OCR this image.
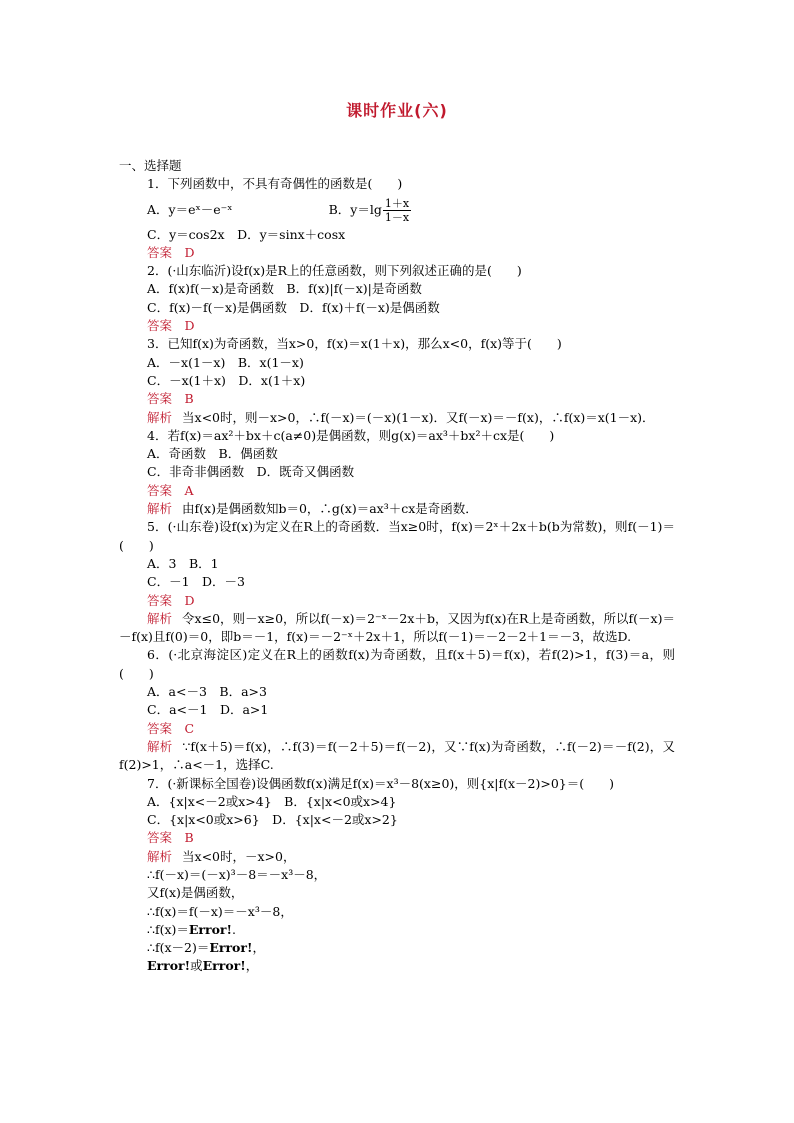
课时作业(六)
一、选择题
1．下列函数中，不具有奇偶性的函数是(　　)
A．y＝eˣ－e⁻ˣ	B．$y=\lg \frac{1+x}{1-x}$
C．y＝cos2x　D．y＝sinx＋cosx
答案　D
2．(·山东临沂)设f(x)是R上的任意函数，则下列叙述正确的是(　　)
A．f(x)f(－x)是奇函数　B．f(x)|f(－x)|是奇函数
C．f(x)－f(－x)是偶函数　D．f(x)＋f(－x)是偶函数
答案　D
3．已知f(x)为奇函数，当x>0，f(x)＝x(1＋x)，那么x<0，f(x)等于(　　)
A．－x(1－x)　B．x(1－x)
C．－x(1＋x)　D．x(1＋x)
答案　B
解析 当x<0时，则－x>0，∴f(－x)＝(－x)(1－x)．又f(－x)＝－f(x)，∴f(x)＝x(1－x)．
4．若f(x)＝ax²＋bx＋c(a≠0)是偶函数，则g(x)＝ax³＋bx²＋cx是(　　)
A．奇函数　B．偶函数
C．非奇非偶函数　D．既奇又偶函数
答案　A
解析 由f(x)是偶函数知b＝0，∴g(x)＝ax³＋cx是奇函数．
5．(·山东卷)设f(x)为定义在R上的奇函数．当x≥0时，f(x)＝2ˣ＋2x＋b(b为常数)，则f(－1)＝(　　)
A．3　B．1
C．－1　D．－3
答案　D
解析 令x≤0，则－x≥0，所以f(－x)＝2⁻ˣ－2x＋b，又因为f(x)在R上是奇函数，所以f(－x)＝－f(x)且f(0)＝0，即b＝－1，f(x)＝－2⁻ˣ＋2x＋1，所以f(－1)＝－2－2＋1＝－3，故选D.
6．(·北京海淀区)定义在R上的函数f(x)为奇函数，且f(x＋5)＝f(x)，若f(2)>1，f(3)＝a，则(　　)
A．a<－3　B．a>3
C．a<－1　D．a>1
答案　C
解析 ∵f(x＋5)＝f(x)，∴f(3)＝f(－2＋5)＝f(－2)，又∵f(x)为奇函数，∴f(－2)＝－f(2)，又f(2)>1，∴a<－1，选择C.
7．(·新课标全国卷)设偶函数f(x)满足f(x)＝x³－8(x≥0)，则{x|f(x－2)>0}＝(　　)
A．{x|x<－2或x>4}　B．{x|x<0或x>4}
C．{x|x<0或x>6}　D．{x|x<－2或x>2}
答案　B
解析 当x<0时，－x>0，
∴f(－x)＝(－x)³－8＝－x³－8，
又f(x)是偶函数，
∴f(x)＝f(－x)＝－x³－8，
∴f(x)＝Error!.
∴f(x－2)＝Error!，
Error!或Error!，
